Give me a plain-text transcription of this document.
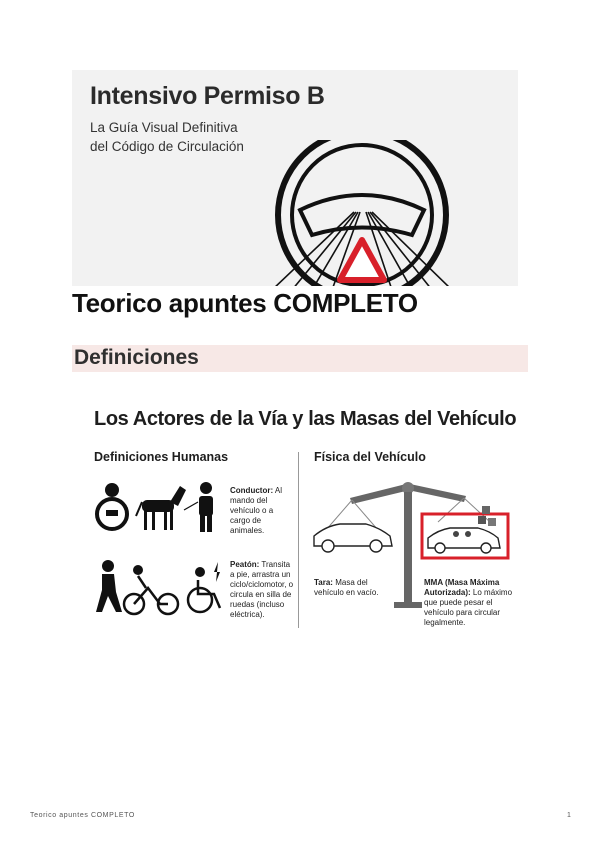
Intensivo Permiso B
La Guía Visual Definitiva
del Código de Circulación
Teorico apuntes COMPLETO
Definiciones
Los Actores de la Vía y las Masas del Vehículo
Definiciones Humanas	Física del Vehículo
Conductor: Al mando del vehículo o a cargo de animales.
Peatón: Transita a pie, arrastra un ciclo/ciclomotor, o circula en silla de ruedas (incluso eléctrica).
Tara: Masa del vehículo en vacío.
MMA (Masa Máxima Autorizada): Lo máximo que puede pesar el vehículo para circular legalmente.
Teorico apuntes COMPLETO	1
